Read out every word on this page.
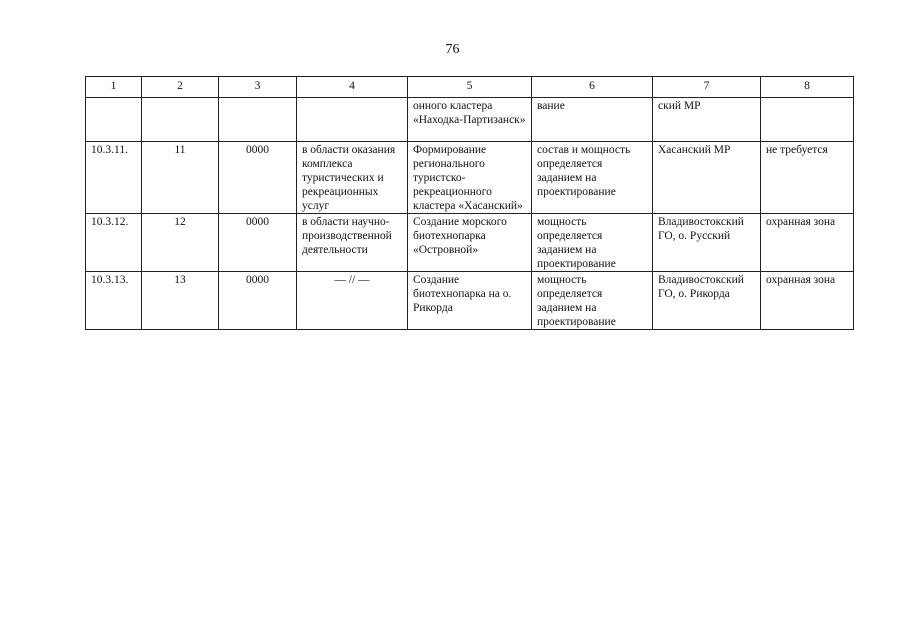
76
1	2	3	4	5	6	7	8
				онного кластера «Находка-Партизанск»	вание	ский МР	
10.3.11.	11	0000	в области оказания комплекса туристических и рекреационных услуг	Формирование регионального туристско-рекреационного кластера «Хасанский»	состав и мощность определяется заданием на проектирование	Хасанский МР	не требуется
10.3.12.	12	0000	в области научно-производственной деятельности	Создание морского биотехнопарка «Островной»	мощность определяется заданием на проектирование	Владивостокский ГО, о. Русский	охранная зона
10.3.13.	13	0000	— // —	Создание биотехнопарка на о. Рикорда	мощность определяется заданием на проектирование	Владивостокский ГО, о. Рикорда	охранная зона
